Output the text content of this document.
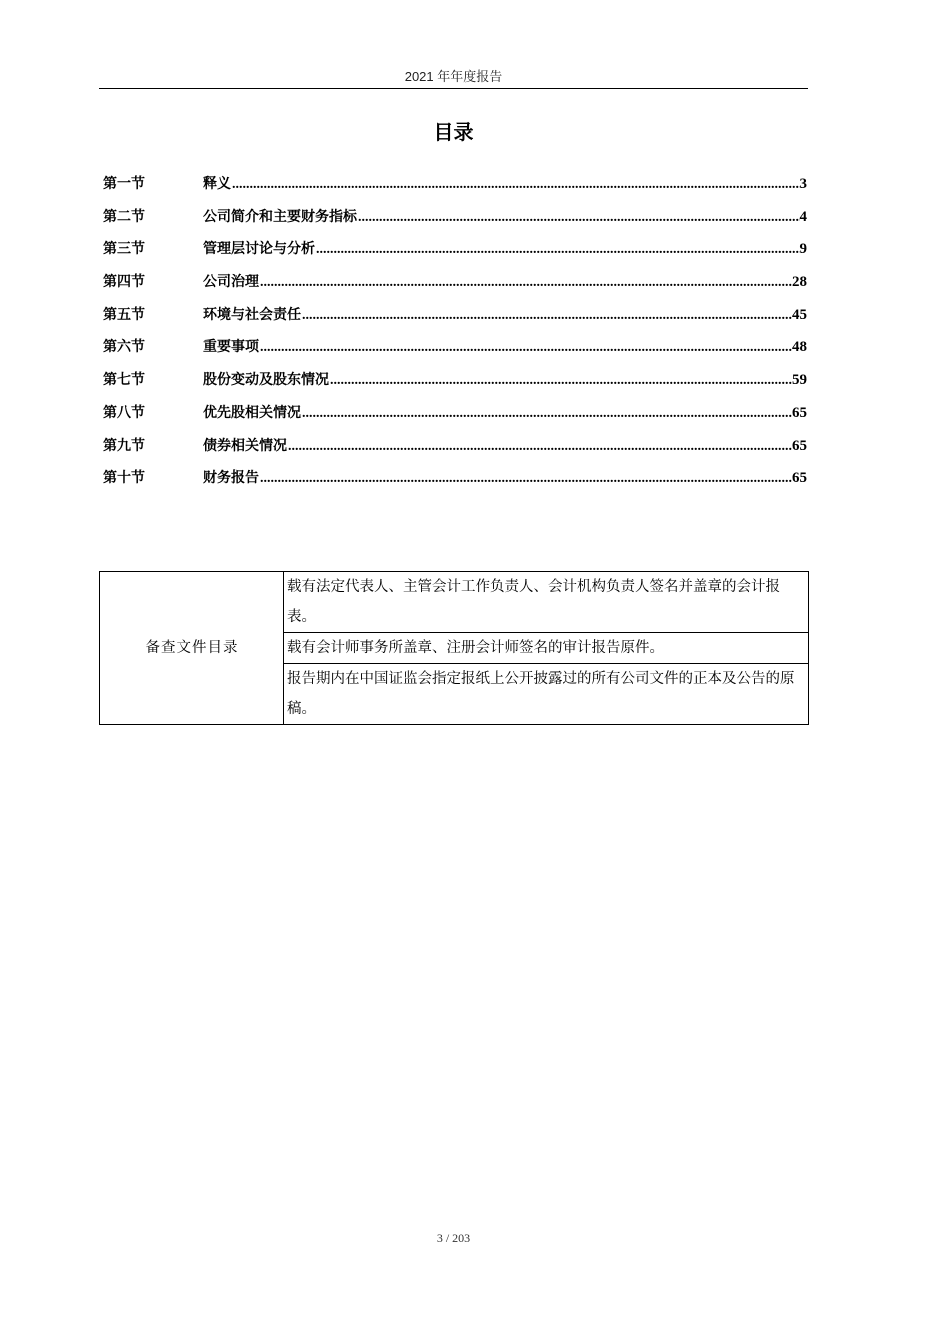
2021 年年度报告
目录
第一节	释义 .....	3
第二节	公司简介和主要财务指标 .....	4
第三节	管理层讨论与分析 .....	9
第四节	公司治理 .....	28
第五节	环境与社会责任 .....	45
第六节	重要事项 .....	48
第七节	股份变动及股东情况 .....	59
第八节	优先股相关情况 .....	65
第九节	债券相关情况 .....	65
第十节	财务报告 .....	65
备查文件目录	载有法定代表人、主管会计工作负责人、会计机构负责人签名并盖章的会计报表。
载有会计师事务所盖章、注册会计师签名的审计报告原件。
报告期内在中国证监会指定报纸上公开披露过的所有公司文件的正本及公告的原稿。
3 / 203
